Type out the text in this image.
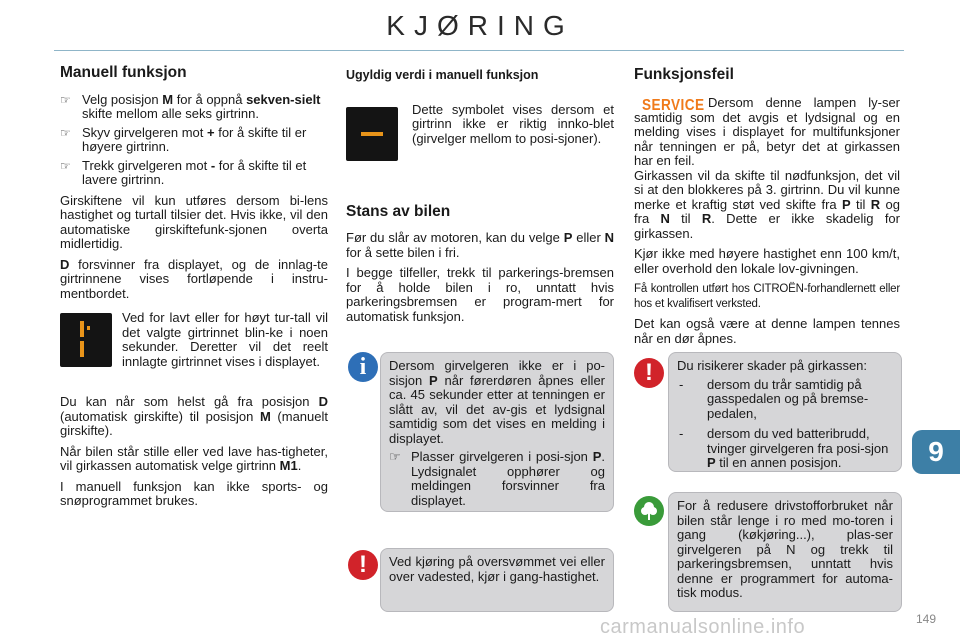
KJØRING
Manuell funksjon
☞ Velg posisjon M for å oppnå sekven-sielt skifte mellom alle seks girtrinn.
☞ Skyv girvelgeren mot + for å skifte til er høyere girtrinn.
☞ Trekk girvelgeren mot - for å skifte til et lavere girtrinn.

Girskiftene vil kun utføres dersom bi-lens hastighet og turtall tilsier det. Hvis ikke, vil den automatiske girskiftefunk-sjonen overta midlertidig.

D forsvinner fra displayet, og de innlag-te girtrinnene vises fortløpende i instru-mentbordet.

Ved for lavt eller for høyt tur-tall vil det valgte girtrinnet blin-ke i noen sekunder. Deretter vil det reelt innlagte girtrinnet vises i displayet.

Du kan når som helst gå fra posisjon D (automatisk girskifte) til posisjon M (manuelt girskifte).

Når bilen står stille eller ved lave has-tigheter, vil girkassen automatisk velge girtrinn M1.

I manuell funksjon kan ikke sports- og snøprogrammet brukes.

Ugyldig verdi i manuell funksjon

Dette symbolet vises dersom et girtrinn ikke er riktig innko-blet (girvelger mellom to posi-sjoner).

Stans av bilen

Før du slår av motoren, kan du velge P eller N for å sette bilen i fri.

I begge tilfeller, trekk til parkerings-bremsen for å holde bilen i ro, unntatt hvis parkeringsbremsen er program-mert for automatisk funksjon.

i	Dersom girvelgeren ikke er i po-sisjon P når førerdøren åpnes eller ca. 45 sekunder etter at tenningen er slått av, vil det av-gis et lydsignal samtidig som det vises en melding i displayet.

☞ Plasser girvelgeren i posi-sjon P. Lydsignalet opphører og meldingen forsvinner fra displayet.
!	Ved kjøring på oversvømmet vei eller over vadested, kjør i gang-hastighet.

Funksjonsfeil
SERVICE Dersom denne lampen ly-ser samtidig som det avgis et lydsignal og en melding vises i displayet for multifunksjoner når tenningen er på, betyr det at girkassen har en feil.

Girkassen vil da skifte til nødfunksjon, det vil si at den blokkeres på 3. girtrinn. Du vil kunne merke et kraftig støt ved skifte fra P til R og fra N til R. Dette er ikke skadelig for girkassen.

Kjør ikke med høyere hastighet enn 100 km/t, eller overhold den lokale lov-givningen.

Få kontrollen utført hos CITROËN-forhandlernett eller hos et kvalifisert verksted.

Det kan også være at denne lampen tennes når en dør åpnes.

!	Du risikerer skader på girkassen:

- dersom du trår samtidig på gasspedalen og på bremse-pedalen,
- dersom du ved batteribrudd, tvinger girvelgeren fra posi-sjon P til en annen posisjon.

For å redusere drivstofforbruket når bilen står lenge i ro med mo-toren i gang (køkjøring...), plas-ser girvelgeren på N og trekk til parkeringsbremsen, unntatt hvis denne er programmert for automa-tisk modus.

9
149
carmanualsonline.info
